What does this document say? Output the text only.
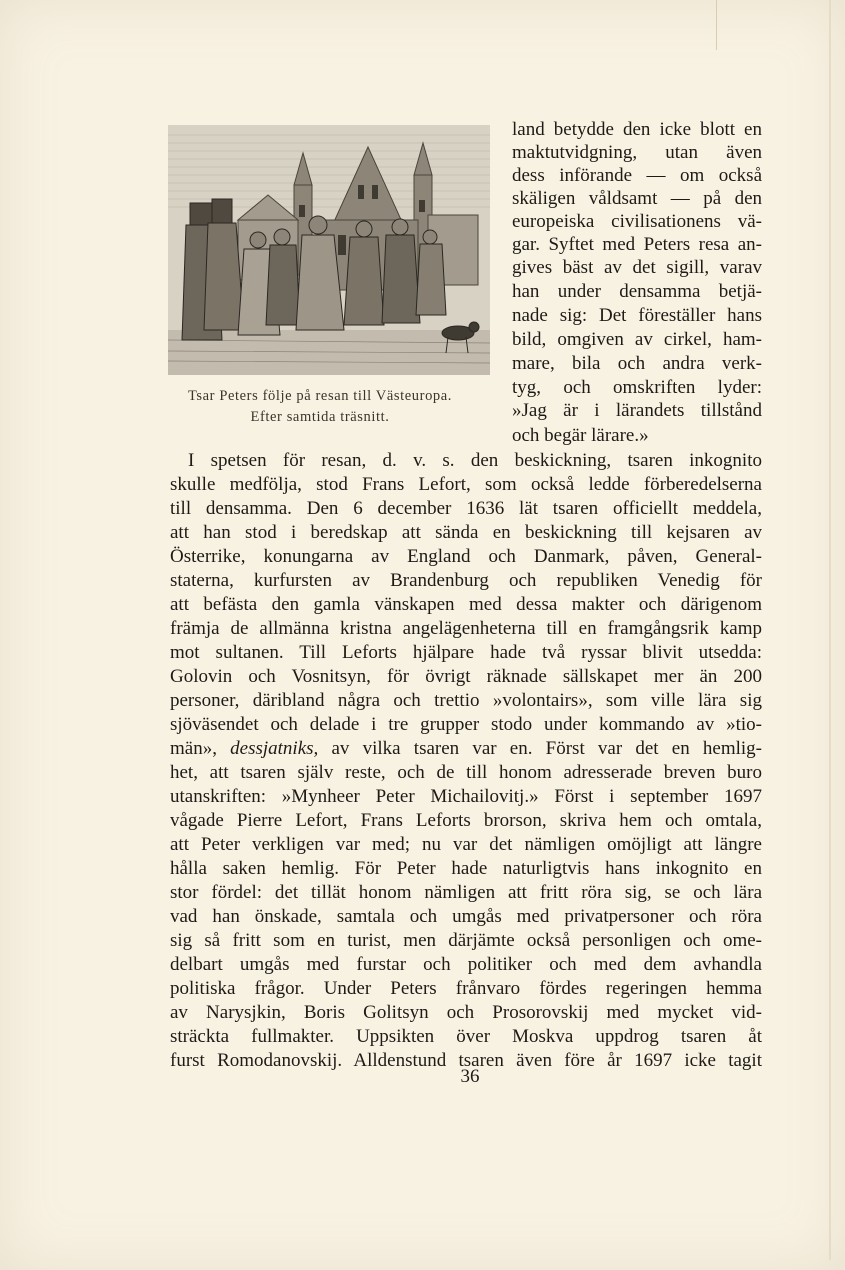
Tsar Peters följe på resan till Västeuropa.
Efter samtida träsnitt.
land betydde den icke blott en
maktutvidgning, utan även
dess införande — om också
skäligen våldsamt — på den
europeiska civilisationens vä-
gar. Syftet med Peters resa an-
gives bäst av det sigill, varav
han under densamma betjä-
nade sig: Det föreställer hans
bild, omgiven av cirkel, ham-
mare, bila och andra verk-
tyg, och omskriften lyder:
»Jag är i lärandets tillstånd
och begär lärare.»
I spetsen för resan, d. v. s. den beskickning, tsaren inkognito
skulle medfölja, stod Frans Lefort, som också ledde förberedelserna
till densamma. Den 6 december 1636 lät tsaren officiellt meddela,
att han stod i beredskap att sända en beskickning till kejsaren av
Österrike, konungarna av England och Danmark, påven, General-
staterna, kurfursten av Brandenburg och republiken Venedig för
att befästa den gamla vänskapen med dessa makter och därigenom
främja de allmänna kristna angelägenheterna till en framgångsrik kamp
mot sultanen. Till Leforts hjälpare hade två ryssar blivit utsedda:
Golovin och Vosnitsyn, för övrigt räknade sällskapet mer än 200
personer, däribland några och trettio »volontairs», som ville lära sig
sjöväsendet och delade i tre grupper stodo under kommando av »tio-
män», dessjatniks, av vilka tsaren var en. Först var det en hemlig-
het, att tsaren själv reste, och de till honom adresserade breven buro
utanskriften: »Mynheer Peter Michailovitj.» Först i september 1697
vågade Pierre Lefort, Frans Leforts brorson, skriva hem och omtala,
att Peter verkligen var med; nu var det nämligen omöjligt att längre
hålla saken hemlig. För Peter hade naturligtvis hans inkognito en
stor fördel: det tillät honom nämligen att fritt röra sig, se och lära
vad han önskade, samtala och umgås med privatpersoner och röra
sig så fritt som en turist, men därjämte också personligen och ome-
delbart umgås med furstar och politiker och med dem avhandla
politiska frågor. Under Peters frånvaro fördes regeringen hemma
av Narysjkin, Boris Golitsyn och Prosorovskij med mycket vid-
sträckta fullmakter. Uppsikten över Moskva uppdrog tsaren åt
furst Romodanovskij. Alldenstund tsaren även före år 1697 icke tagit
36
